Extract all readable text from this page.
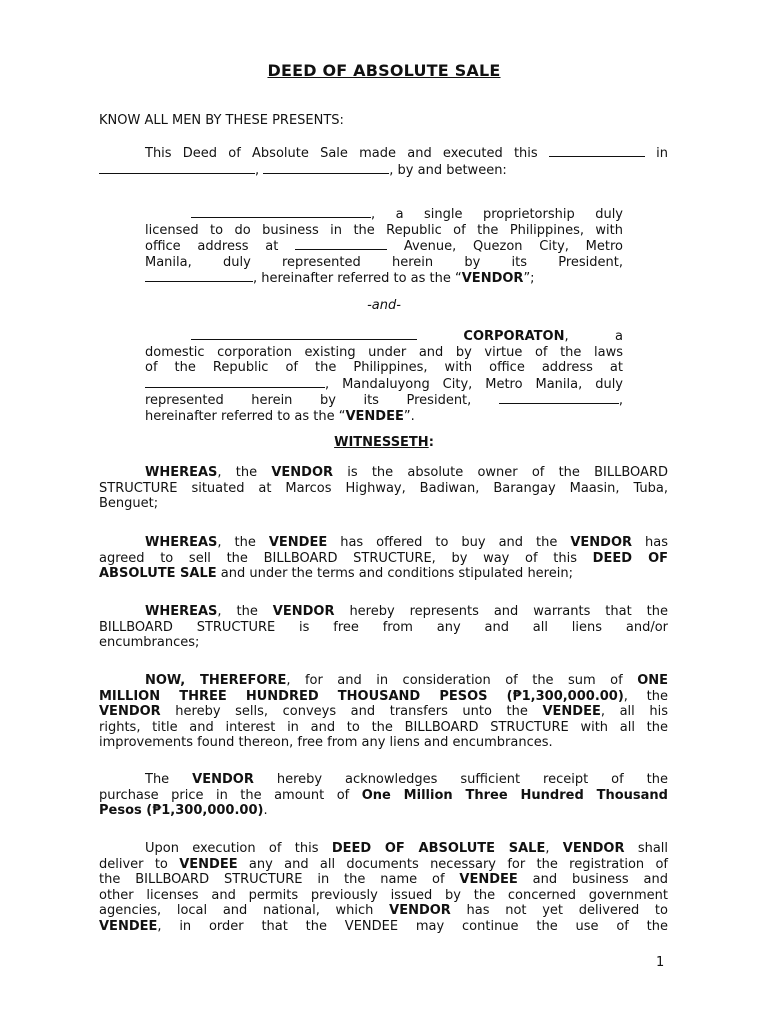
DEED OF ABSOLUTE SALE
KNOW ALL MEN BY THESE PRESENTS:
This Deed of Absolute Sale made and executed this	in
,	, by and between:
, a single proprietorship duly
licensed to do business in the Republic of the Philippines, with
office address at	Avenue, Quezon City, Metro
Manila, duly represented herein by its President,
, hereinafter referred to as the “VENDOR”;
-and-
CORPORATON, a
domestic corporation existing under and by virtue of the laws
of the Republic of the Philippines, with office address at
, Mandaluyong City, Metro Manila, duly
represented herein by its President,	,
hereinafter referred to as the “VENDEE”.
WITNESSETH:
WHEREAS, the VENDOR is the absolute owner of the BILLBOARD
STRUCTURE situated at Marcos Highway, Badiwan, Barangay Maasin, Tuba,
Benguet;
WHEREAS, the VENDEE has offered to buy and the VENDOR has
agreed to sell the BILLBOARD STRUCTURE, by way of this DEED OF
ABSOLUTE SALE and under the terms and conditions stipulated herein;
WHEREAS, the VENDOR hereby represents and warrants that the
BILLBOARD STRUCTURE is free from any and all liens and/or
encumbrances;
NOW, THEREFORE, for and in consideration of the sum of ONE
MILLION THREE HUNDRED THOUSAND PESOS (₱1,300,000.00), the
VENDOR hereby sells, conveys and transfers unto the VENDEE, all his
rights, title and interest in and to the BILLBOARD STRUCTURE with all the
improvements found thereon, free from any liens and encumbrances.
The VENDOR hereby acknowledges sufficient receipt of the
purchase price in the amount of One Million Three Hundred Thousand
Pesos (₱1,300,000.00).
Upon execution of this DEED OF ABSOLUTE SALE, VENDOR shall
deliver to VENDEE any and all documents necessary for the registration of
the BILLBOARD STRUCTURE in the name of VENDEE and business and
other licenses and permits previously issued by the concerned government
agencies, local and national, which VENDOR has not yet delivered to
VENDEE, in order that the VENDEE may continue the use of the
1
